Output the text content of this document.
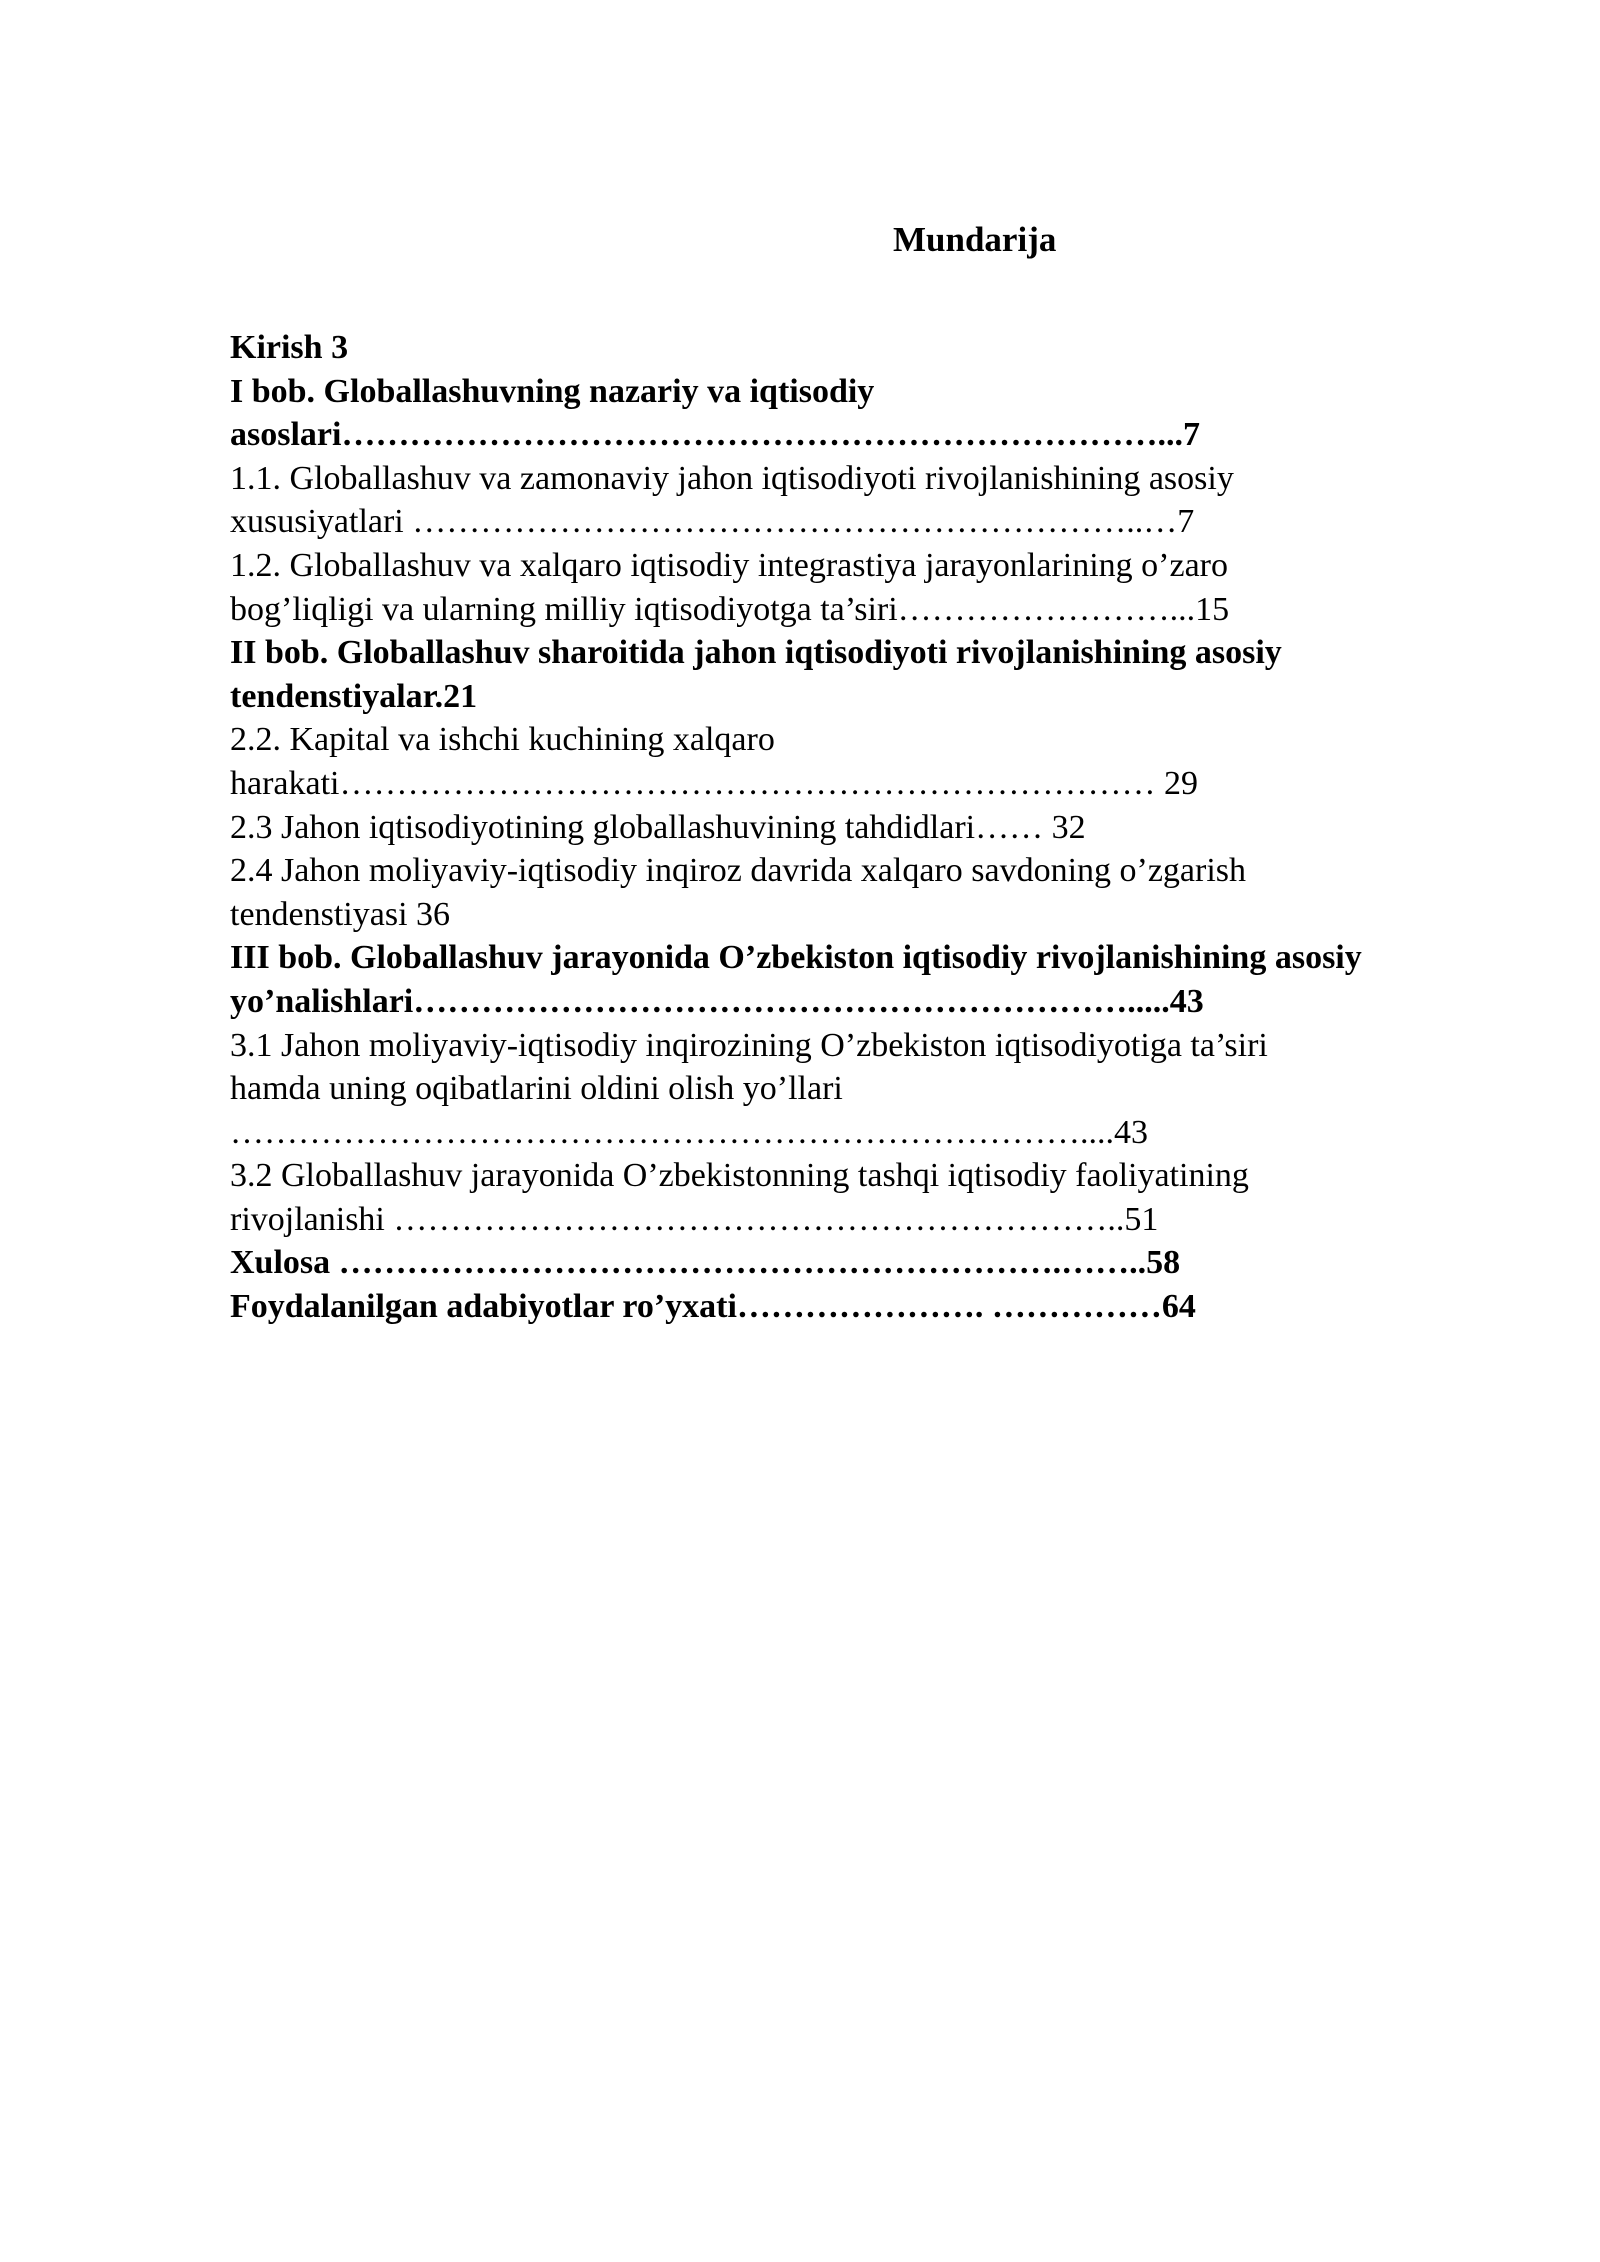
Mundarija
Kirish 3
I bob. Globallashuvning nazariy va iqtisodiy
asoslari………………………………………………………………...7
1.1. Globallashuv va zamonaviy jahon iqtisodiyoti rivojlanishining asosiy
xususiyatlari ………………………………………………………..…7
1.2. Globallashuv va xalqaro iqtisodiy integrastiya jarayonlarining o’zaro
bog’liqligi va ularning milliy iqtisodiyotga ta’siri……………………...15
II bob. Globallashuv sharoitida jahon iqtisodiyoti rivojlanishining asosiy
tendenstiyalar.21
2.2. Kapital va ishchi kuchining xalqaro
harakati……………………………………………………………… 29
2.3 Jahon iqtisodiyotining globallashuvining tahdidlari…… 32
2.4 Jahon moliyaviy-iqtisodiy inqiroz davrida xalqaro savdoning o’zgarish
tendenstiyasi 36
III bob. Globallashuv jarayonida O’zbekiston iqtisodiy rivojlanishining asosiy
yo’nalishlari……………………………………………………….....43
3.1 Jahon moliyaviy-iqtisodiy inqirozining O’zbekiston iqtisodiyotiga ta’siri
hamda uning oqibatlarini oldini olish yo’llari
…………………………………………………………………....43
3.2 Globallashuv jarayonida O’zbekistonning tashqi iqtisodiy faoliyatining
rivojlanishi ………………………………………………………..51
Xulosa ……………………………………………………….……..58
Foydalanilgan adabiyotlar ro’yxati…………………. ……………64
